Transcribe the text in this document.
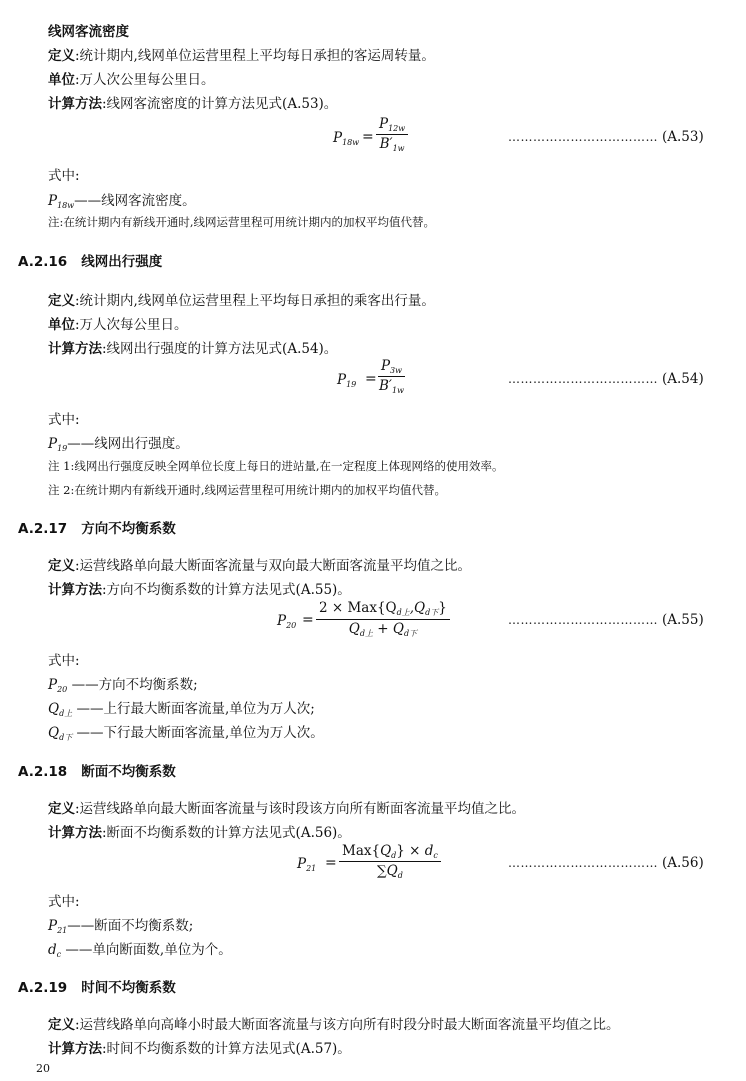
线网客流密度
定义:统计期内,线网单位运营里程上平均每日承担的客运周转量。
单位:万人次公里每公里日。
计算方法:线网客流密度的计算方法见式(A.53)。
$P_{18w} = \frac{P_{12w}}{B'_{1w}}$	……………………………… (A.53)
式中:
$P_{18w}——$线网客流密度。
注:在统计期内有新线开通时,线网运营里程可用统计期内的加权平均值代替。
A.2.16 线网出行强度
定义:统计期内,线网单位运营里程上平均每日承担的乘客出行量。
单位:万人次每公里日。
计算方法:线网出行强度的计算方法见式(A.54)。
$P_{19} = \frac{P_{3w}}{B'_{1w}}$	……………………………… (A.54)
式中:
$P_{19}——$线网出行强度。
注 1:线网出行强度反映全网单位长度上每日的进站量,在一定程度上体现网络的使用效率。
注 2:在统计期内有新线开通时,线网运营里程可用统计期内的加权平均值代替。
A.2.17 方向不均衡系数
定义:运营线路单向最大断面客流量与双向最大断面客流量平均值之比。
计算方法:方向不均衡系数的计算方法见式(A.55)。
$P_{20}$ =
$2 \times Max\{Q_{d上},Q_{d下}\}$
$Q_{d上} + Q_{d下}$
……………………………… (A.55)
式中:
$P_{20}$ ——方向不均衡系数;
$Q_{d上}$ ——上行最大断面客流量,单位为万人次;
$Q_{d下}$ ——下行最大断面客流量,单位为万人次。
A.2.18 断面不均衡系数
定义:运营线路单向最大断面客流量与该时段该方向所有断面客流量平均值之比。
计算方法:断面不均衡系数的计算方法见式(A.56)。
$P_{21}$ =
$Max\{Q_d\} \times d_c$
$\sum Q_d$
……………………………… (A.56)
式中:
$P_{21}——$断面不均衡系数;
$d_c$ ——单向断面数,单位为个。
A.2.19 时间不均衡系数
定义:运营线路单向高峰小时最大断面客流量与该方向所有时段分时最大断面客流量平均值之比。
计算方法:时间不均衡系数的计算方法见式(A.57)。
20
